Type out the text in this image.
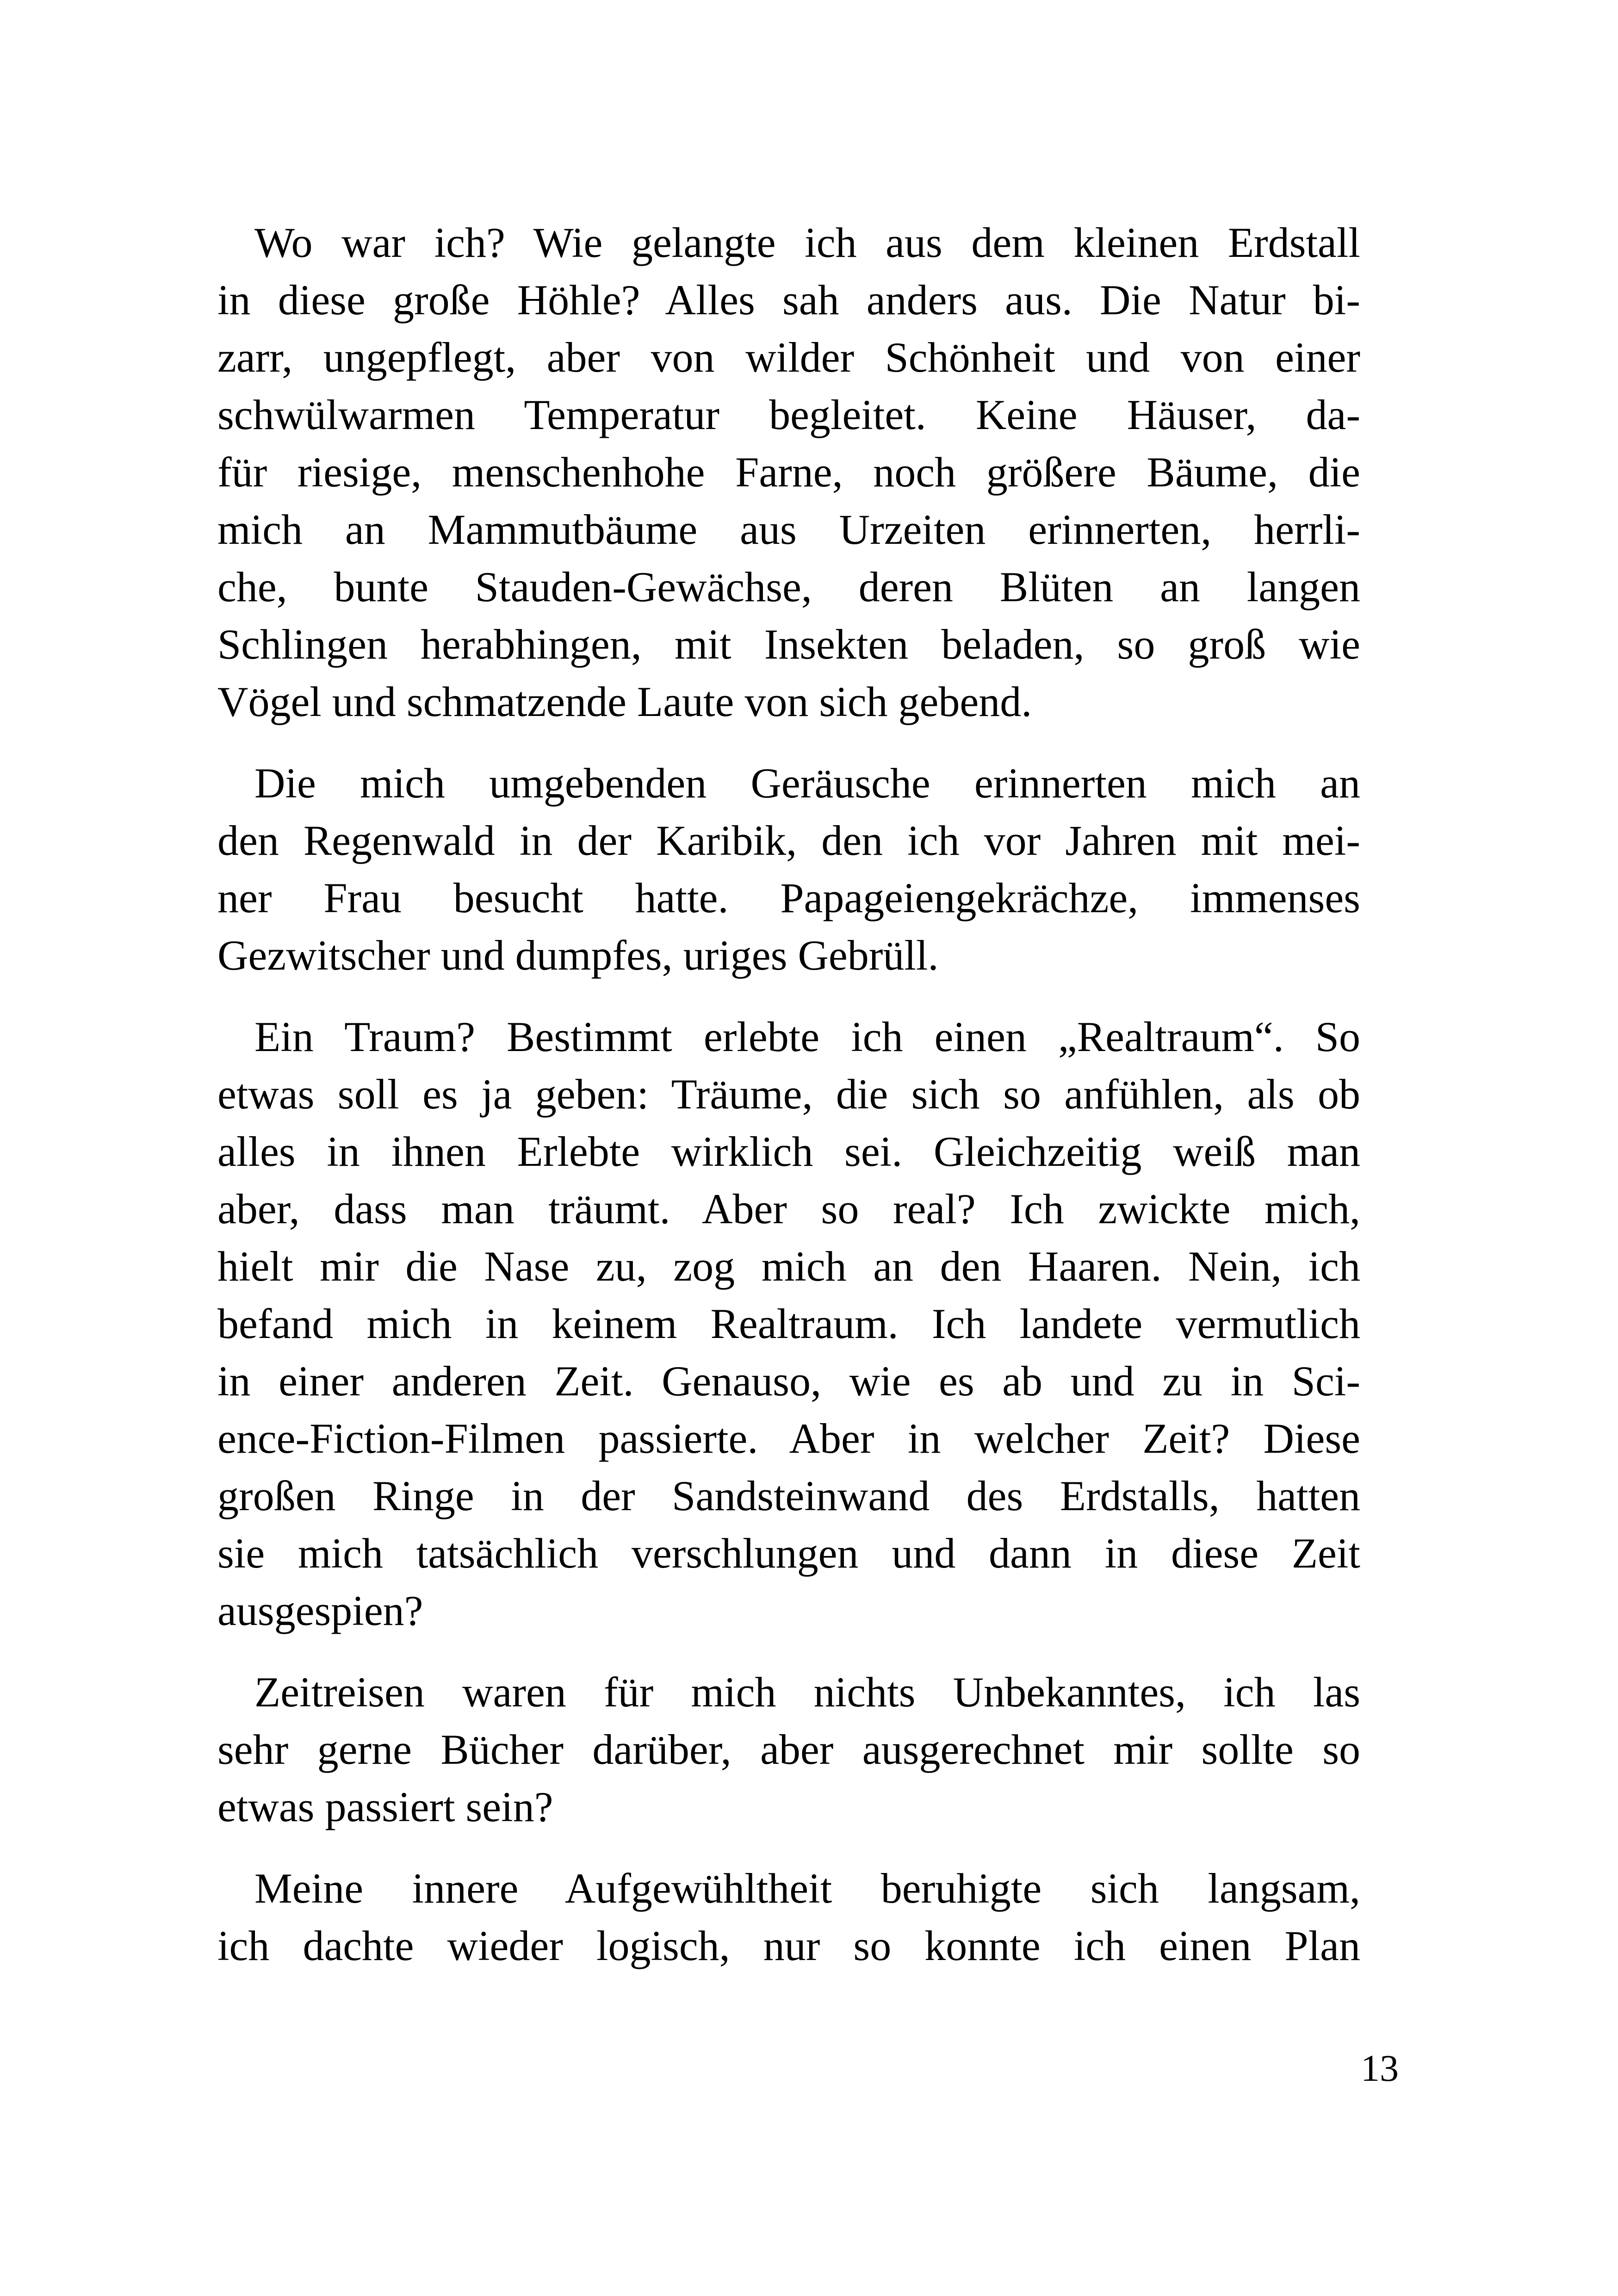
Wo war ich? Wie gelangte ich aus dem kleinen Erdstall
in diese große Höhle? Alles sah anders aus. Die Natur bi-
zarr, ungepflegt, aber von wilder Schönheit und von einer
schwülwarmen Temperatur begleitet. Keine Häuser, da-
für riesige, menschenhohe Farne, noch größere Bäume, die
mich an Mammutbäume aus Urzeiten erinnerten, herrli-
che, bunte Stauden-Gewächse, deren Blüten an langen
Schlingen herabhingen, mit Insekten beladen, so groß wie
Vögel und schmatzende Laute von sich gebend.

Die mich umgebenden Geräusche erinnerten mich an
den Regenwald in der Karibik, den ich vor Jahren mit mei-
ner Frau besucht hatte. Papageiengekrächze, immenses
Gezwitscher und dumpfes, uriges Gebrüll.

Ein Traum? Bestimmt erlebte ich einen „Realtraum“. So
etwas soll es ja geben: Träume, die sich so anfühlen, als ob
alles in ihnen Erlebte wirklich sei. Gleichzeitig weiß man
aber, dass man träumt. Aber so real? Ich zwickte mich,
hielt mir die Nase zu, zog mich an den Haaren. Nein, ich
befand mich in keinem Realtraum. Ich landete vermutlich
in einer anderen Zeit. Genauso, wie es ab und zu in Sci-
ence-Fiction-Filmen passierte. Aber in welcher Zeit? Diese
großen Ringe in der Sandsteinwand des Erdstalls, hatten
sie mich tatsächlich verschlungen und dann in diese Zeit
ausgespien?

Zeitreisen waren für mich nichts Unbekanntes, ich las
sehr gerne Bücher darüber, aber ausgerechnet mir sollte so
etwas passiert sein?

Meine innere Aufgewühltheit beruhigte sich langsam,
ich dachte wieder logisch, nur so konnte ich einen Plan

13
